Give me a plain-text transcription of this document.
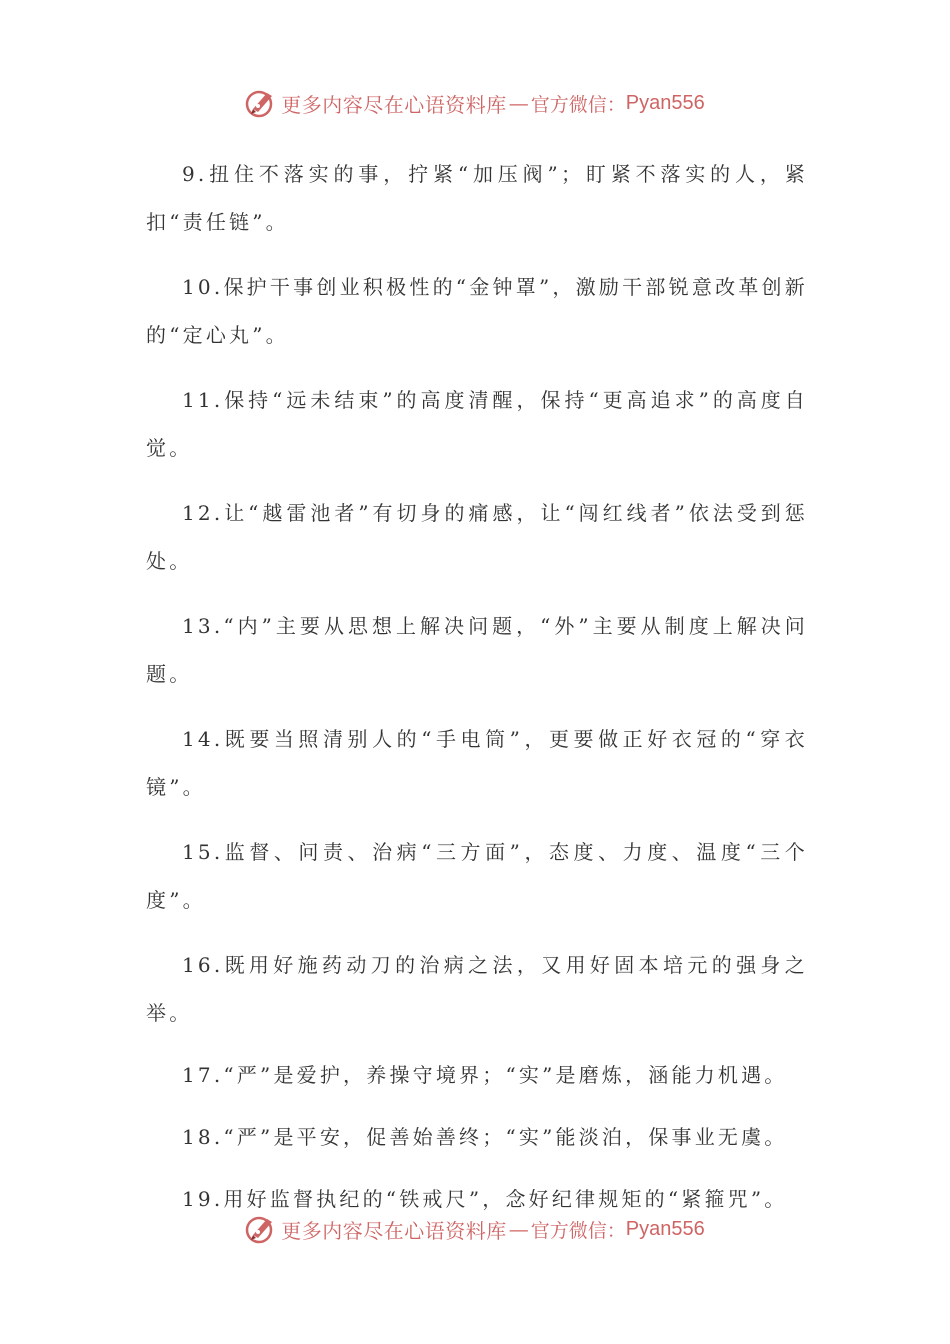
更多内容尽在心语资料库 — 官方微信： Pyan556

9.扭住不落实的事，拧紧“加压阀”；盯紧不落实的人，紧扣“责任链”。

10.保护干事创业积极性的“金钟罩”，激励干部锐意改革创新的“定心丸”。

11.保持“远未结束”的高度清醒，保持“更高追求”的高度自觉。

12.让“越雷池者”有切身的痛感，让“闯红线者”依法受到惩处。

13.“内”主要从思想上解决问题，“外”主要从制度上解决问题。

14.既要当照清别人的“手电筒”，更要做正好衣冠的“穿衣镜”。

15.监督、问责、治病“三方面”，态度、力度、温度“三个度”。

16.既用好施药动刀的治病之法，又用好固本培元的强身之举。

17.“严”是爱护，养操守境界；“实”是磨炼，涵能力机遇。

18.“严”是平安，促善始善终；“实”能淡泊，保事业无虞。

19.用好监督执纪的“铁戒尺”，念好纪律规矩的“紧箍咒”。

更多内容尽在心语资料库 — 官方微信： Pyan556
